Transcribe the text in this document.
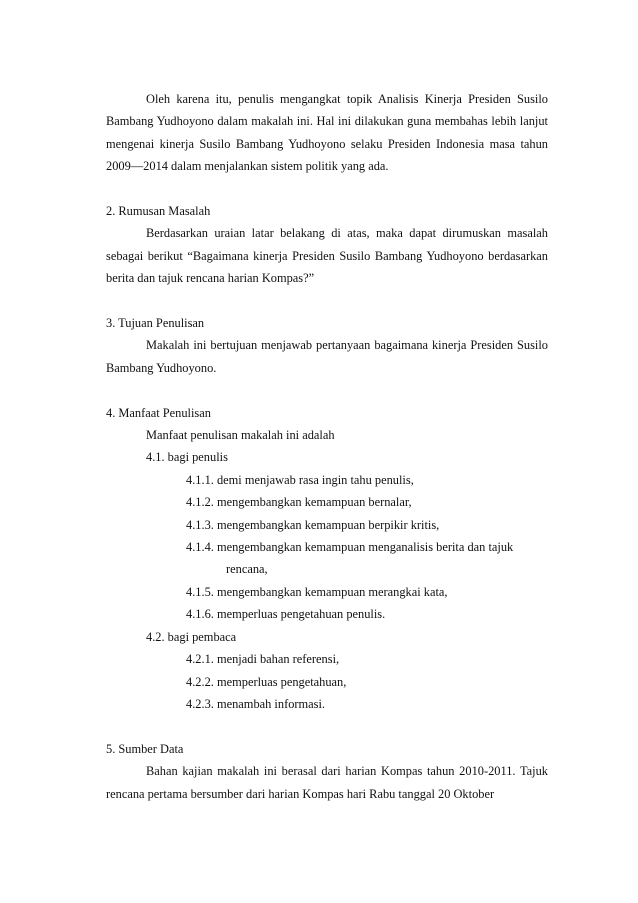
Oleh karena itu, penulis mengangkat topik Analisis Kinerja Presiden Susilo Bambang Yudhoyono dalam makalah ini. Hal ini dilakukan guna membahas lebih lanjut mengenai kinerja Susilo Bambang Yudhoyono selaku Presiden Indonesia masa tahun 2009—2014 dalam menjalankan sistem politik yang ada.

2. Rumusan Masalah

Berdasarkan uraian latar belakang di atas, maka dapat dirumuskan masalah sebagai berikut “Bagaimana kinerja Presiden Susilo Bambang Yudhoyono berdasarkan berita dan tajuk rencana harian Kompas?”

3. Tujuan Penulisan

Makalah ini bertujuan menjawab pertanyaan bagaimana kinerja Presiden Susilo Bambang Yudhoyono.

4. Manfaat Penulisan

Manfaat penulisan makalah ini adalah

4.1. bagi penulis

4.1.1. demi menjawab rasa ingin tahu penulis,

4.1.2. mengembangkan kemampuan bernalar,

4.1.3. mengembangkan kemampuan berpikir kritis,

4.1.4. mengembangkan kemampuan menganalisis berita dan tajuk

rencana,

4.1.5. mengembangkan kemampuan merangkai kata,

4.1.6. memperluas pengetahuan penulis.

4.2. bagi pembaca

4.2.1. menjadi bahan referensi,

4.2.2. memperluas pengetahuan,

4.2.3. menambah informasi.

5. Sumber Data

Bahan kajian makalah ini berasal dari harian Kompas tahun 2010-2011. Tajuk rencana pertama bersumber dari harian Kompas hari Rabu tanggal 20 Oktober
